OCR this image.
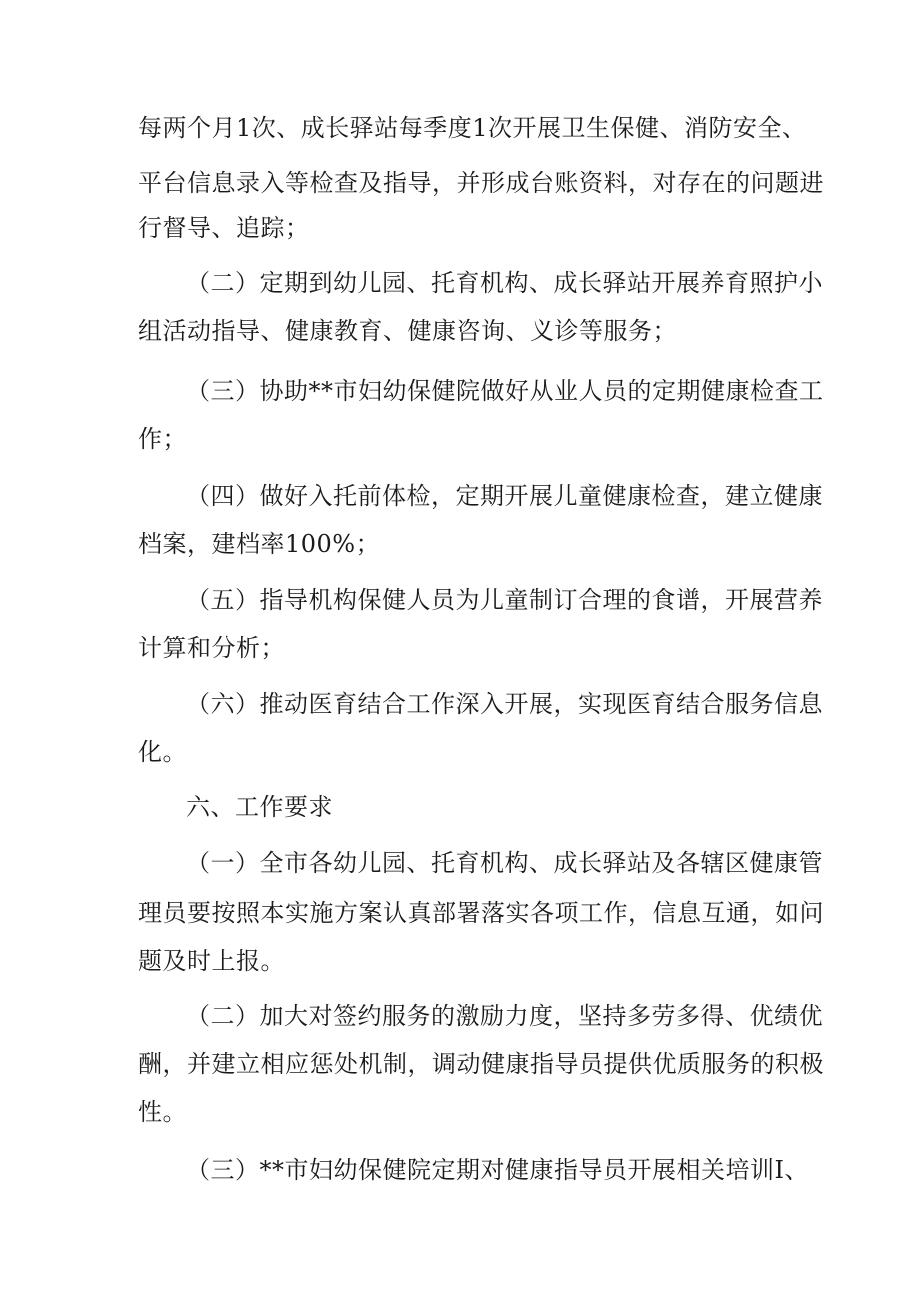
每两个月1次、成长驿站每季度1次开展卫生保健、消防安全、
平台信息录入等检查及指导，并形成台账资料，对存在的问题进
行督导、追踪；
（二）定期到幼儿园、托育机构、成长驿站开展养育照护小
组活动指导、健康教育、健康咨询、义诊等服务；
（三）协助**市妇幼保健院做好从业人员的定期健康检查工
作；
（四）做好入托前体检，定期开展儿童健康检查，建立健康
档案，建档率100%；
（五）指导机构保健人员为儿童制订合理的食谱，开展营养
计算和分析；
（六）推动医育结合工作深入开展，实现医育结合服务信息
化。
六、工作要求
（一）全市各幼儿园、托育机构、成长驿站及各辖区健康管
理员要按照本实施方案认真部署落实各项工作，信息互通，如问
题及时上报。
（二）加大对签约服务的激励力度，坚持多劳多得、优绩优
酬，并建立相应惩处机制，调动健康指导员提供优质服务的积极
性。
（三）**市妇幼保健院定期对健康指导员开展相关培训I、
